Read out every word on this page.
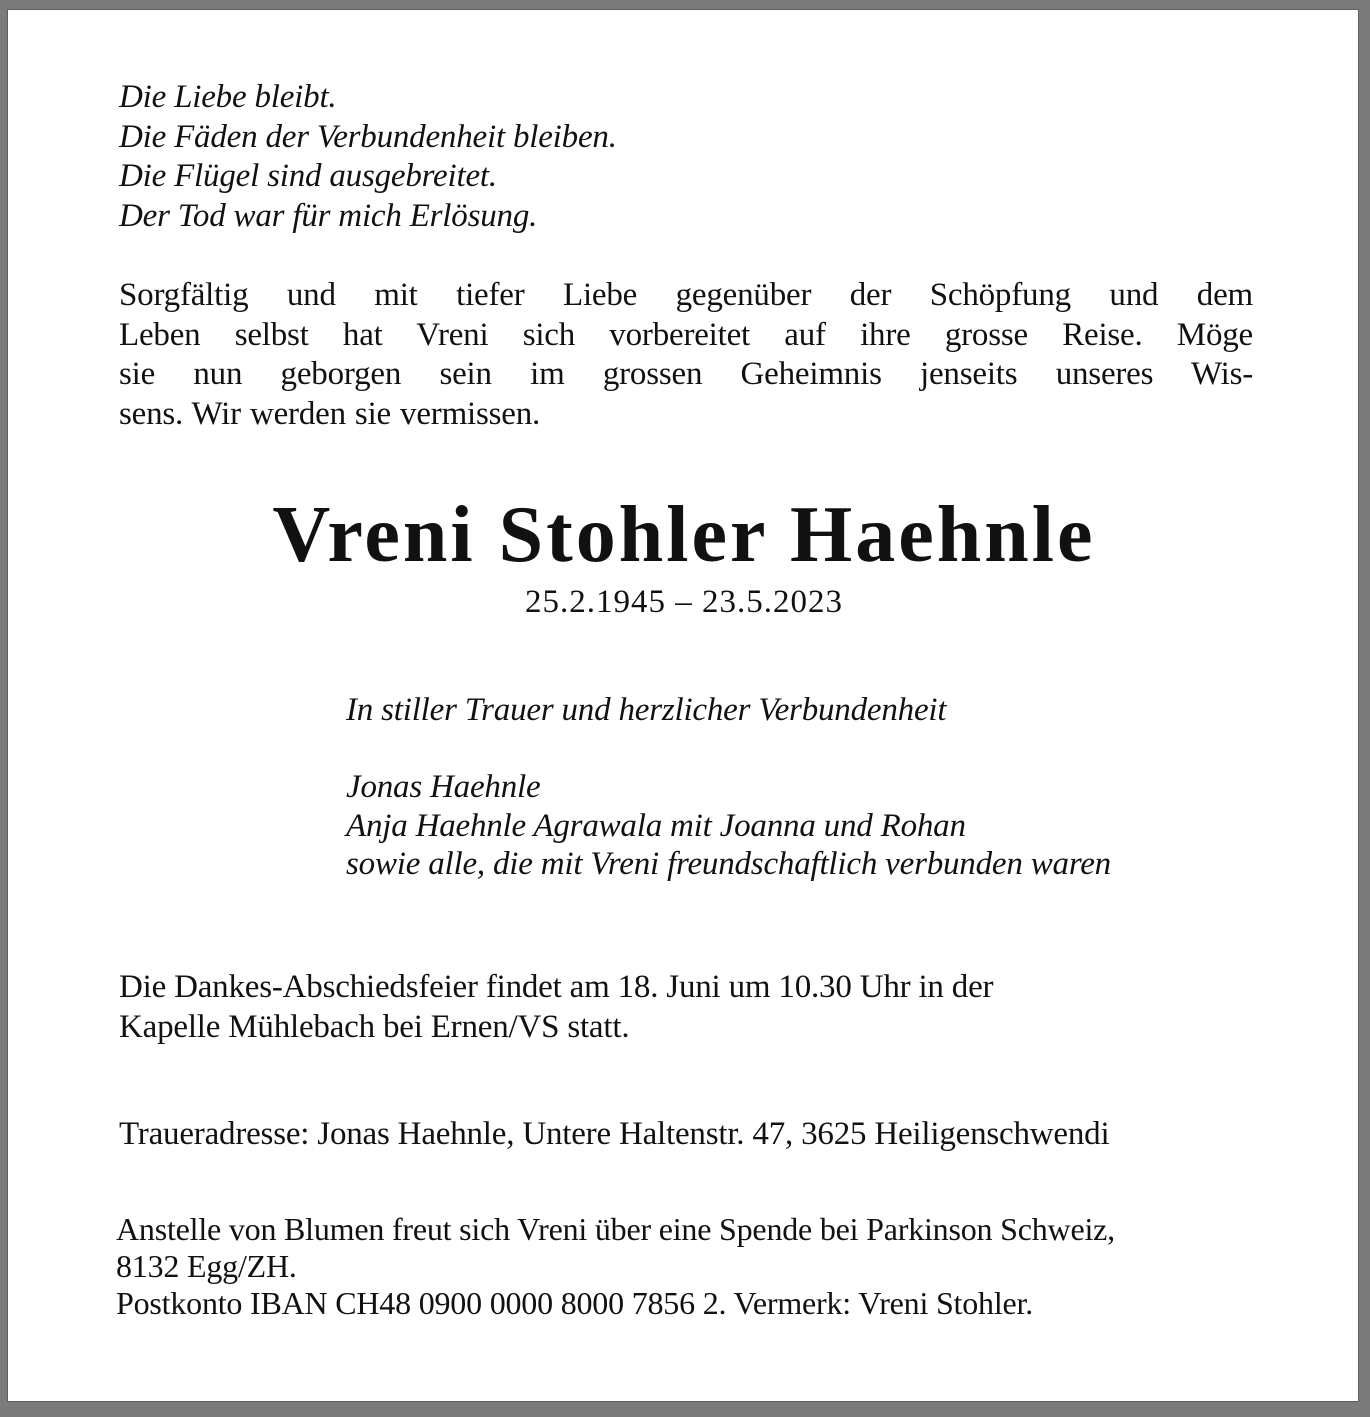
Die Liebe bleibt.
Die Fäden der Verbundenheit bleiben.
Die Flügel sind ausgebreitet.
Der Tod war für mich Erlösung.
Sorgfältig und mit tiefer Liebe gegenüber der Schöpfung und dem
Leben selbst hat Vreni sich vorbereitet auf ihre grosse Reise. Möge
sie nun geborgen sein im grossen Geheimnis jenseits unseres Wis-
sens. Wir werden sie vermissen.
Vreni Stohler Haehnle
25.2.1945 – 23.5.2023
In stiller Trauer und herzlicher Verbundenheit
Jonas Haehnle
Anja Haehnle Agrawala mit Joanna und Rohan
sowie alle, die mit Vreni freundschaftlich verbunden waren
Die Dankes-Abschiedsfeier findet am 18. Juni um 10.30 Uhr in der
Kapelle Mühlebach bei Ernen/VS statt.
Traueradresse: Jonas Haehnle, Untere Haltenstr. 47, 3625 Heiligenschwendi
Anstelle von Blumen freut sich Vreni über eine Spende bei Parkinson Schweiz,
8132 Egg/ZH.
Postkonto IBAN CH48 0900 0000 8000 7856 2. Vermerk: Vreni Stohler.
